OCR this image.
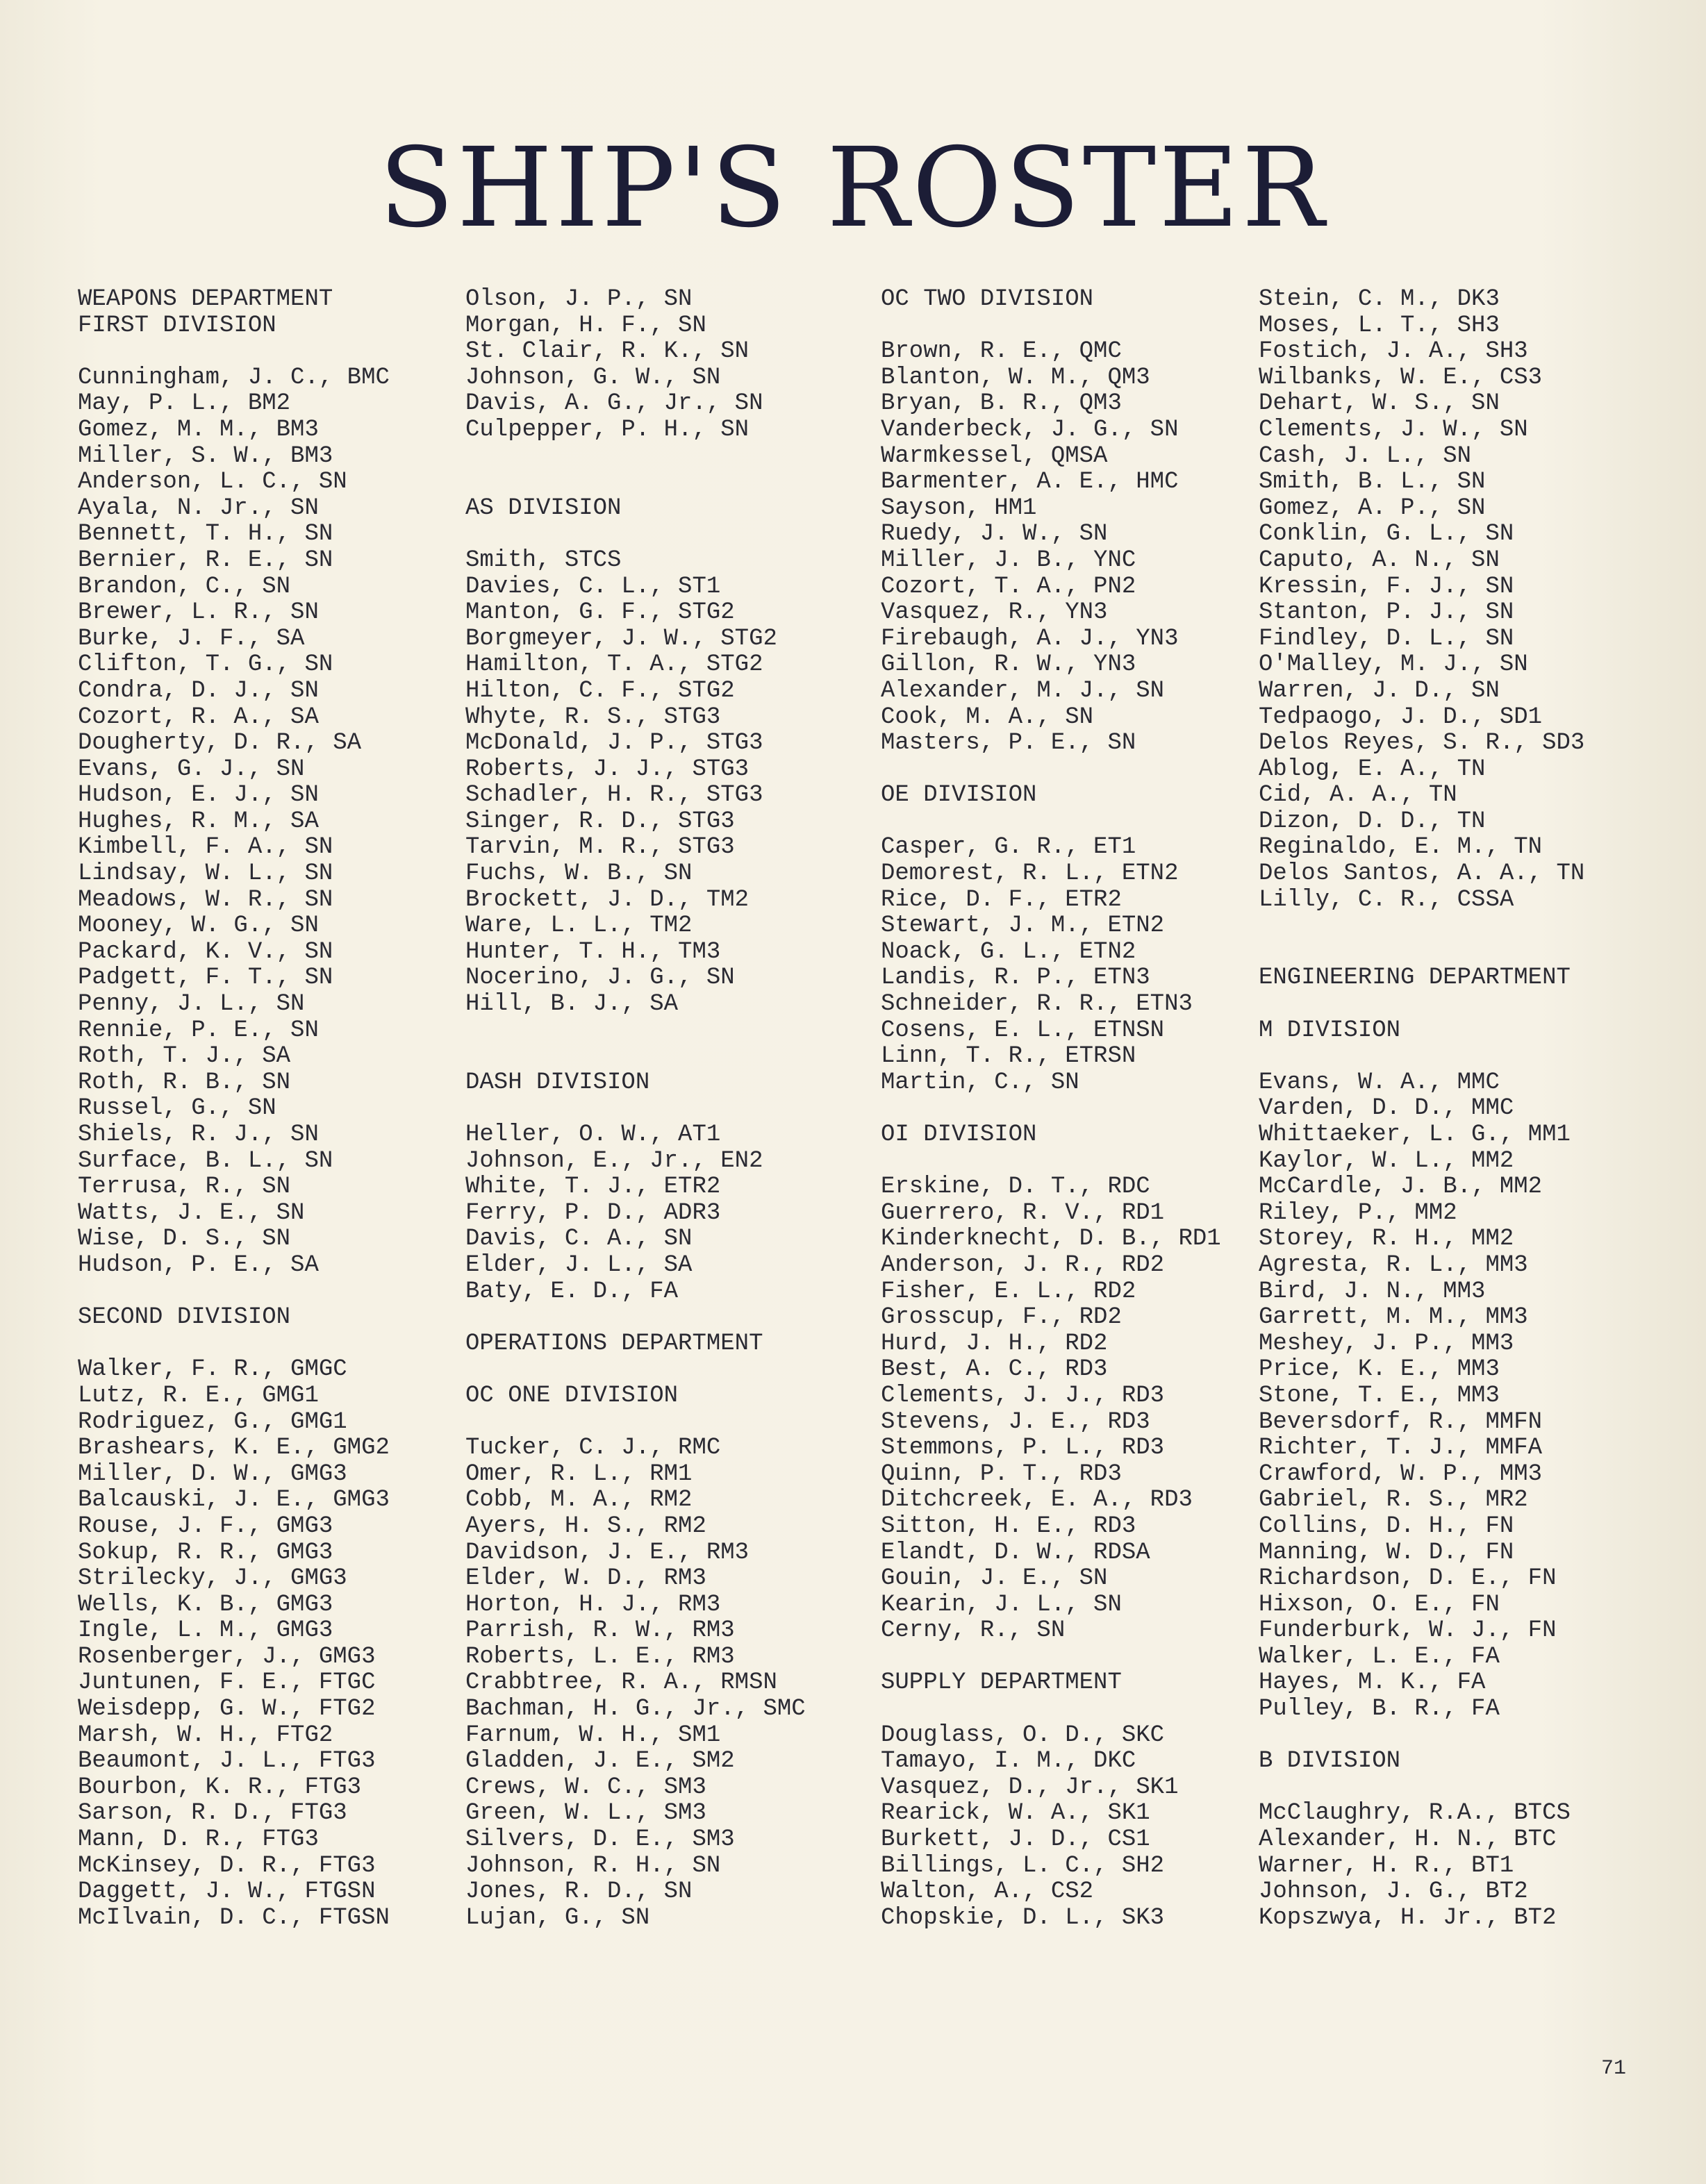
SHIP'S ROSTER
WEAPONS DEPARTMENT
FIRST DIVISION
Cunningham, J. C., BMC
May, P. L., BM2
Gomez, M. M., BM3
Miller, S. W., BM3
Anderson, L. C., SN
Ayala, N. Jr., SN
Bennett, T. H., SN
Bernier, R. E., SN
Brandon, C., SN
Brewer, L. R., SN
Burke, J. F., SA
Clifton, T. G., SN
Condra, D. J., SN
Cozort, R. A., SA
Dougherty, D. R., SA
Evans, G. J., SN
Hudson, E. J., SN
Hughes, R. M., SA
Kimbell, F. A., SN
Lindsay, W. L., SN
Meadows, W. R., SN
Mooney, W. G., SN
Packard, K. V., SN
Padgett, F. T., SN
Penny, J. L., SN
Rennie, P. E., SN
Roth, T. J., SA
Roth, R. B., SN
Russel, G., SN
Shiels, R. J., SN
Surface, B. L., SN
Terrusa, R., SN
Watts, J. E., SN
Wise, D. S., SN
Hudson, P. E., SA
SECOND DIVISION
Walker, F. R., GMGC
Lutz, R. E., GMG1
Rodriguez, G., GMG1
Brashears, K. E., GMG2
Miller, D. W., GMG3
Balcauski, J. E., GMG3
Rouse, J. F., GMG3
Sokup, R. R., GMG3
Strilecky, J., GMG3
Wells, K. B., GMG3
Ingle, L. M., GMG3
Rosenberger, J., GMG3
Juntunen, F. E., FTGC
Weisdepp, G. W., FTG2
Marsh, W. H., FTG2
Beaumont, J. L., FTG3
Bourbon, K. R., FTG3
Sarson, R. D., FTG3
Mann, D. R., FTG3
McKinsey, D. R., FTG3
Daggett, J. W., FTGSN
McIlvain, D. C., FTGSN
Olson, J. P., SN
Morgan, H. F., SN
St. Clair, R. K., SN
Johnson, G. W., SN
Davis, A. G., Jr., SN
Culpepper, P. H., SN
AS DIVISION
Smith, STCS
Davies, C. L., ST1
Manton, G. F., STG2
Borgmeyer, J. W., STG2
Hamilton, T. A., STG2
Hilton, C. F., STG2
Whyte, R. S., STG3
McDonald, J. P., STG3
Roberts, J. J., STG3
Schadler, H. R., STG3
Singer, R. D., STG3
Tarvin, M. R., STG3
Fuchs, W. B., SN
Brockett, J. D., TM2
Ware, L. L., TM2
Hunter, T. H., TM3
Nocerino, J. G., SN
Hill, B. J., SA
DASH DIVISION
Heller, O. W., AT1
Johnson, E., Jr., EN2
White, T. J., ETR2
Ferry, P. D., ADR3
Davis, C. A., SN
Elder, J. L., SA
Baty, E. D., FA
OPERATIONS DEPARTMENT
OC ONE DIVISION
Tucker, C. J., RMC
Omer, R. L., RM1
Cobb, M. A., RM2
Ayers, H. S., RM2
Davidson, J. E., RM3
Elder, W. D., RM3
Horton, H. J., RM3
Parrish, R. W., RM3
Roberts, L. E., RM3
Crabbtree, R. A., RMSN
Bachman, H. G., Jr., SMC
Farnum, W. H., SM1
Gladden, J. E., SM2
Crews, W. C., SM3
Green, W. L., SM3
Silvers, D. E., SM3
Johnson, R. H., SN
Jones, R. D., SN
Lujan, G., SN
OC TWO DIVISION
Brown, R. E., QMC
Blanton, W. M., QM3
Bryan, B. R., QM3
Vanderbeck, J. G., SN
Warmkessel, QMSA
Barmenter, A. E., HMC
Sayson, HM1
Ruedy, J. W., SN
Miller, J. B., YNC
Cozort, T. A., PN2
Vasquez, R., YN3
Firebaugh, A. J., YN3
Gillon, R. W., YN3
Alexander, M. J., SN
Cook, M. A., SN
Masters, P. E., SN
OE DIVISION
Casper, G. R., ET1
Demorest, R. L., ETN2
Rice, D. F., ETR2
Stewart, J. M., ETN2
Noack, G. L., ETN2
Landis, R. P., ETN3
Schneider, R. R., ETN3
Cosens, E. L., ETNSN
Linn, T. R., ETRSN
Martin, C., SN
OI DIVISION
Erskine, D. T., RDC
Guerrero, R. V., RD1
Kinderknecht, D. B., RD1
Anderson, J. R., RD2
Fisher, E. L., RD2
Grosscup, F., RD2
Hurd, J. H., RD2
Best, A. C., RD3
Clements, J. J., RD3
Stevens, J. E., RD3
Stemmons, P. L., RD3
Quinn, P. T., RD3
Ditchcreek, E. A., RD3
Sitton, H. E., RD3
Elandt, D. W., RDSA
Gouin, J. E., SN
Kearin, J. L., SN
Cerny, R., SN
SUPPLY DEPARTMENT
Douglass, O. D., SKC
Tamayo, I. M., DKC
Vasquez, D., Jr., SK1
Rearick, W. A., SK1
Burkett, J. D., CS1
Billings, L. C., SH2
Walton, A., CS2
Chopskie, D. L., SK3
Stein, C. M., DK3
Moses, L. T., SH3
Fostich, J. A., SH3
Wilbanks, W. E., CS3
Dehart, W. S., SN
Clements, J. W., SN
Cash, J. L., SN
Smith, B. L., SN
Gomez, A. P., SN
Conklin, G. L., SN
Caputo, A. N., SN
Kressin, F. J., SN
Stanton, P. J., SN
Findley, D. L., SN
O'Malley, M. J., SN
Warren, J. D., SN
Tedpaogo, J. D., SD1
Delos Reyes, S. R., SD3
Ablog, E. A., TN
Cid, A. A., TN
Dizon, D. D., TN
Reginaldo, E. M., TN
Delos Santos, A. A., TN
Lilly, C. R., CSSA
ENGINEERING DEPARTMENT
M DIVISION
Evans, W. A., MMC
Varden, D. D., MMC
Whittaeker, L. G., MM1
Kaylor, W. L., MM2
McCardle, J. B., MM2
Riley, P., MM2
Storey, R. H., MM2
Agresta, R. L., MM3
Bird, J. N., MM3
Garrett, M. M., MM3
Meshey, J. P., MM3
Price, K. E., MM3
Stone, T. E., MM3
Beversdorf, R., MMFN
Richter, T. J., MMFA
Crawford, W. P., MM3
Gabriel, R. S., MR2
Collins, D. H., FN
Manning, W. D., FN
Richardson, D. E., FN
Hixson, O. E., FN
Funderburk, W. J., FN
Walker, L. E., FA
Hayes, M. K., FA
Pulley, B. R., FA
B DIVISION
McClaughry, R.A., BTCS
Alexander, H. N., BTC
Warner, H. R., BT1
Johnson, J. G., BT2
Kopszwya, H. Jr., BT2
71
